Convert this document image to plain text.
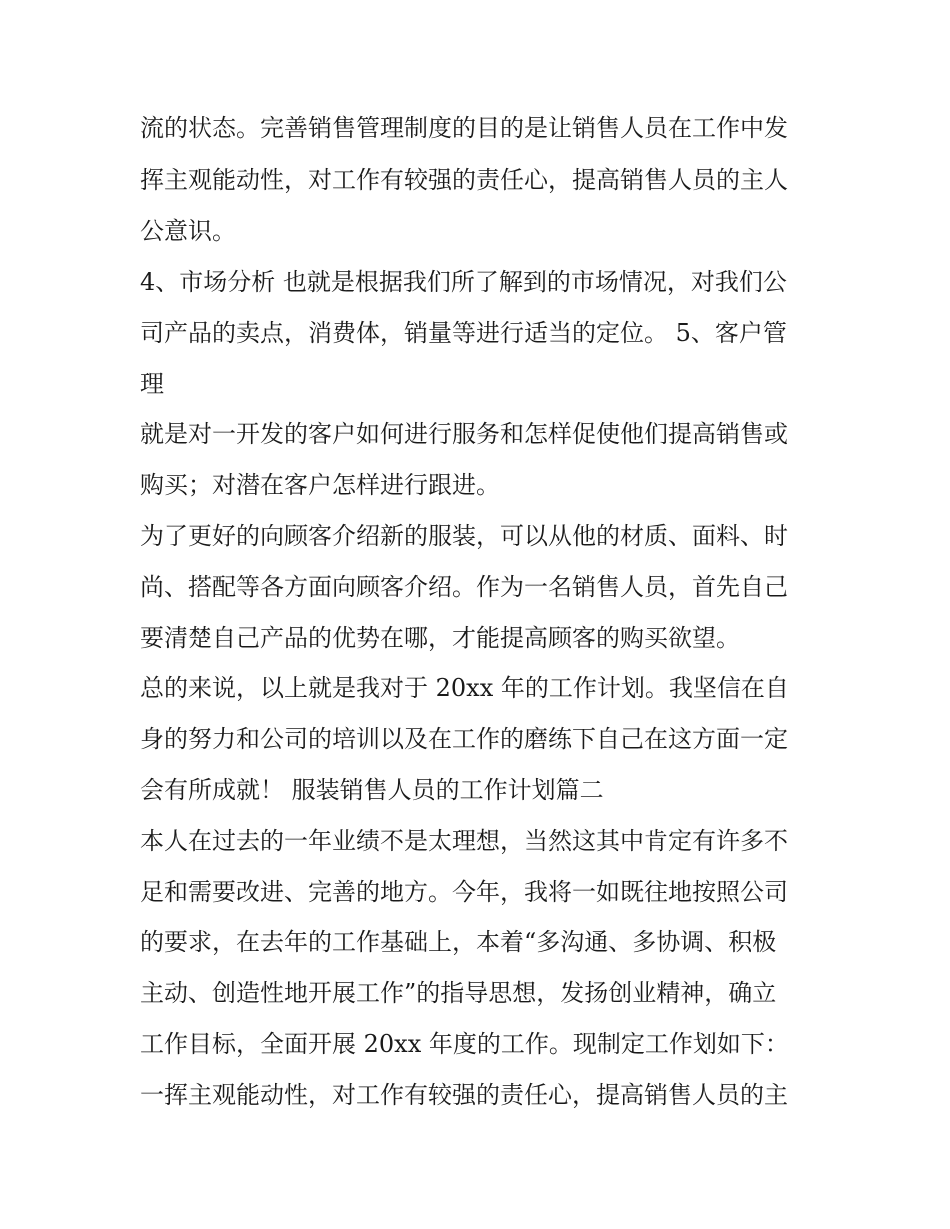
流的状态。完善销售管理制度的目的是让销售人员在工作中发
挥主观能动性，对工作有较强的责任心，提高销售人员的主人
公意识。
4、市场分析 也就是根据我们所了解到的市场情况，对我们公
司产品的卖点，消费体，销量等进行适当的定位。 5、客户管
理
就是对一开发的客户如何进行服务和怎样促使他们提高销售或
购买；对潜在客户怎样进行跟进。
为了更好的向顾客介绍新的服装，可以从他的材质、面料、时
尚、搭配等各方面向顾客介绍。作为一名销售人员，首先自己
要清楚自己产品的优势在哪，才能提高顾客的购买欲望。
总的来说，以上就是我对于 20xx 年的工作计划。我坚信在自
身的努力和公司的培训以及在工作的磨练下自己在这方面一定
会有所成就！ 服装销售人员的工作计划篇二
本人在过去的一年业绩不是太理想，当然这其中肯定有许多不
足和需要改进、完善的地方。今年，我将一如既往地按照公司
的要求，在去年的工作基础上，本着“多沟通、多协调、积极
主动、创造性地开展工作”的指导思想，发扬创业精神，确立
工作目标，全面开展 20xx 年度的工作。现制定工作划如下：
一挥主观能动性，对工作有较强的责任心，提高销售人员的主
